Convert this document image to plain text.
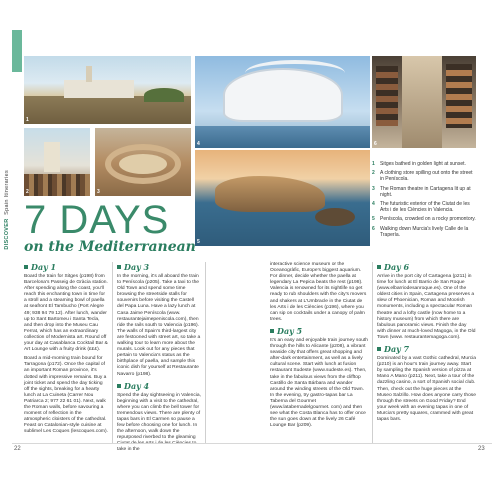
DISCOVER  Spain Itineraries
1
2	3
4
5
6
1	Sitges bathed in golden light at sunset.
2	A clothing store spilling out onto the street in Peníscola.
3	The Roman theatre in Cartagena lit up at night.
4	The futuristic exterior of the Ciutat de les Arts i de les Ciències in Valencia.
5	Peníscola, crowded on a rocky promontory.
6	Walking down Murcia's lively Calle de la Trapería.
7 DAYS
on the Mediterranean
Day 1

Board the train for Sitges (p198) from Barcelona's Passeig de Gràcia station. After spending along the coast, you'll reach this enchanting town in time for a stroll and a steaming bowl of paella at seafront El Tambucho (Port Alegre 49; 938 94 79 12). After lunch, wander up to Sant Bartomeu i Santa Tecla, and then drop into the Museu Cau Ferrat, which has an extraordinary collection of Modernista art. Round off your day at Casablanca Cocktail Bar & Art Lounge with a fruity drink (£££).

Board a mid-morning train bound for Tarragona (p172). Once the capital of an important Roman province, it's dotted with impressive remains. Buy a joint ticket and spend the day ticking off the sights, breaking for a hearty lunch at La Cuineta (Carrer Nou Patriarca 2; 977 22 61 01). Next, walk the Roman walls, before savouring a moment of reflection in the atmospheric cloisters of the cathedral. Feast on Catalonian-style cuisine at sublimel Les Coques (lescoques.com).

Day 3

In the morning, it's all aboard the train to Peníscola (p205). Take a taxi to the Old Town and spend some time browsing the streetside stalls for souvenirs before visiting the Castell del Papa Luna. Have a lazy lunch at Casa Jaime Peníscola (www. restaurantejaimepeniscola.com), then ride the rails south to Valencia (p196). The walls of Spain's third-largest city are festooned with street art, so take a walking tour to learn more about the murals. Look out for any pieces that pertain to Valencia's status as the birthplace of paella, and sample this iconic dish for yourself at Restaurante Navarro (p198).

Day 4

Spend the day sightseeing in Valencia, beginning with a visit to the cathedral, where you can climb the bell tower for tremendous views. There are plenty of tapas bars in El Carmen so pause a few before choosing one for lunch. In the afternoon, walk down the repurposed riverbed to the gleaming take in the

interactive science museum or the Oceanogràfic, Europe's biggest aquarium. For dinner, decide whether the paella at legendary La Pepica beats the rest (p198). Valencia is renowned for its nightlife so get ready to rub shoulders with the city's movers and shakers at L'Umbracle in the Ciutat de les Arts i de les Ciències (p196), where you can sip on cocktails under a canopy of palm trees.

Day 5

It's an easy and enjoyable train journey south through the hills to Alicante (p208), a vibrant seaside city that offers great shopping and after-dark entertainment, as well as a lively cultural scene. Start with lunch at fusion restaurant Sudeste (www.sudeste.es). Then, take in the fabulous views from the clifftop Castillo de Santa Bárbara and wander around the winding streets of the Old Town. In the evening, try gastro-tapas bar La Taberna del Gourmet (www.latabernadelgourmet. com) and then see what the Costa Blanca has to offer once the sun goes down at the lively 26 Café Lounge Bar (p209).

Day 6

Arrive in the port city of Cartagena (p211) in time for lunch at El Barrio de San Roque (www.elbarriodesanroque.es). One of the oldest cities in Spain, Cartagena preserves a slew of Phoenician, Roman and Moorish monuments, including a spectacular Roman theatre and a lofty castle (now home to a history museum) from which there are fabulous panoramic views. Finish the day with dinner at much-loved Magoga, in the Old Town (www. restaurantemagoga.com).

Day 7

Dominated by a vast Gothic cathedral, Murcia (p210) is an hour's train journey away. Start by sampling the Spanish version of pizza at Mano A Mano (p211). Next, take a tour of the dazzling casino, a sort of Spanish social club. Then, check out the huge pieces at the Museo Salzillo. How does anyone carry those through the streets on Good Friday? End your week with an evening tapas in one of Murcia's pretty squares, crammed with great tapas bars.

22	23
